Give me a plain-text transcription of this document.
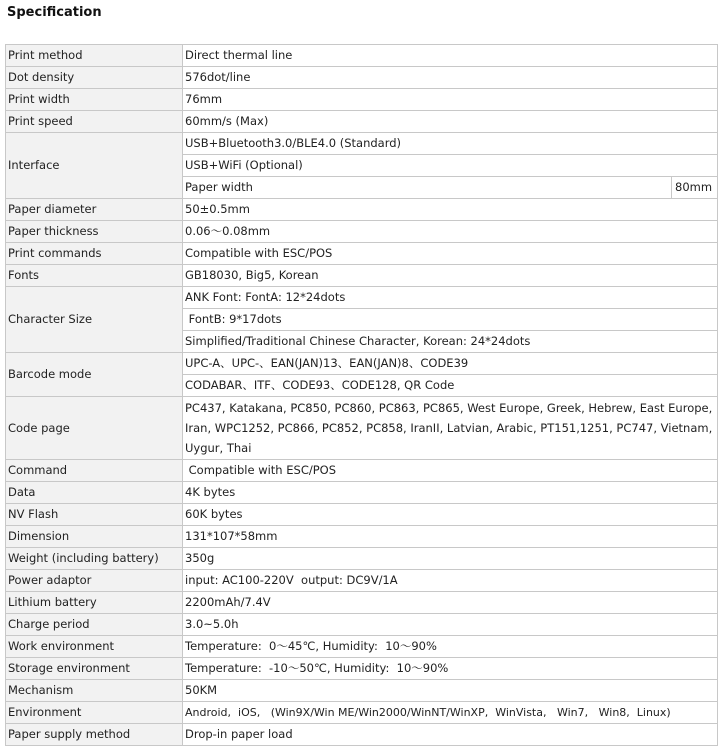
Specification
Print method	Direct thermal line
Dot density	576dot/line
Print width	76mm
Print speed	60mm/s (Max)
Interface	USB+Bluetooth3.0/BLE4.0 (Standard)
	USB+WiFi (Optional)

	Paper width 80mm

Paper diameter	50±0.5mm
Paper thickness	0.06～0.08mm
Print commands	Compatible with ESC/POS
Fonts	GB18030, Big5, Korean
Character Size	ANK Font: FontA: 12*24dots
	FontB: 9*17dots
	Simplified/Traditional Chinese Character, Korean: 24*24dots
Barcode mode	UPC-A、UPC-、EAN(JAN)13、EAN(JAN)8、CODE39
	CODABAR、ITF、CODE93、CODE128, QR Code
Code page	PC437, Katakana, PC850, PC860, PC863, PC865, West Europe, Greek, Hebrew, East Europe, Iran, WPC1252, PC866, PC852, PC858, IranII, Latvian, Arabic, PT151,1251, PC747, Vietnam, Uygur, Thai
Command	Compatible with ESC/POS
Data	4K bytes
NV Flash	60K bytes
Dimension	131*107*58mm
Weight (including battery)	350g
Power adaptor	input: AC100-220V  output: DC9V/1A
Lithium battery	2200mAh/7.4V
Charge period	3.0~5.0h
Work environment	Temperature:  0～45℃, Humidity:  10～90%
Storage environment	Temperature:  -10～50℃, Humidity:  10～90%
Mechanism	50KM
Environment	Android,  iOS,   (Win9X/Win ME/Win2000/WinNT/WinXP,  WinVista,   Win7,   Win8,  Linux)
Paper supply method	Drop-in paper load
